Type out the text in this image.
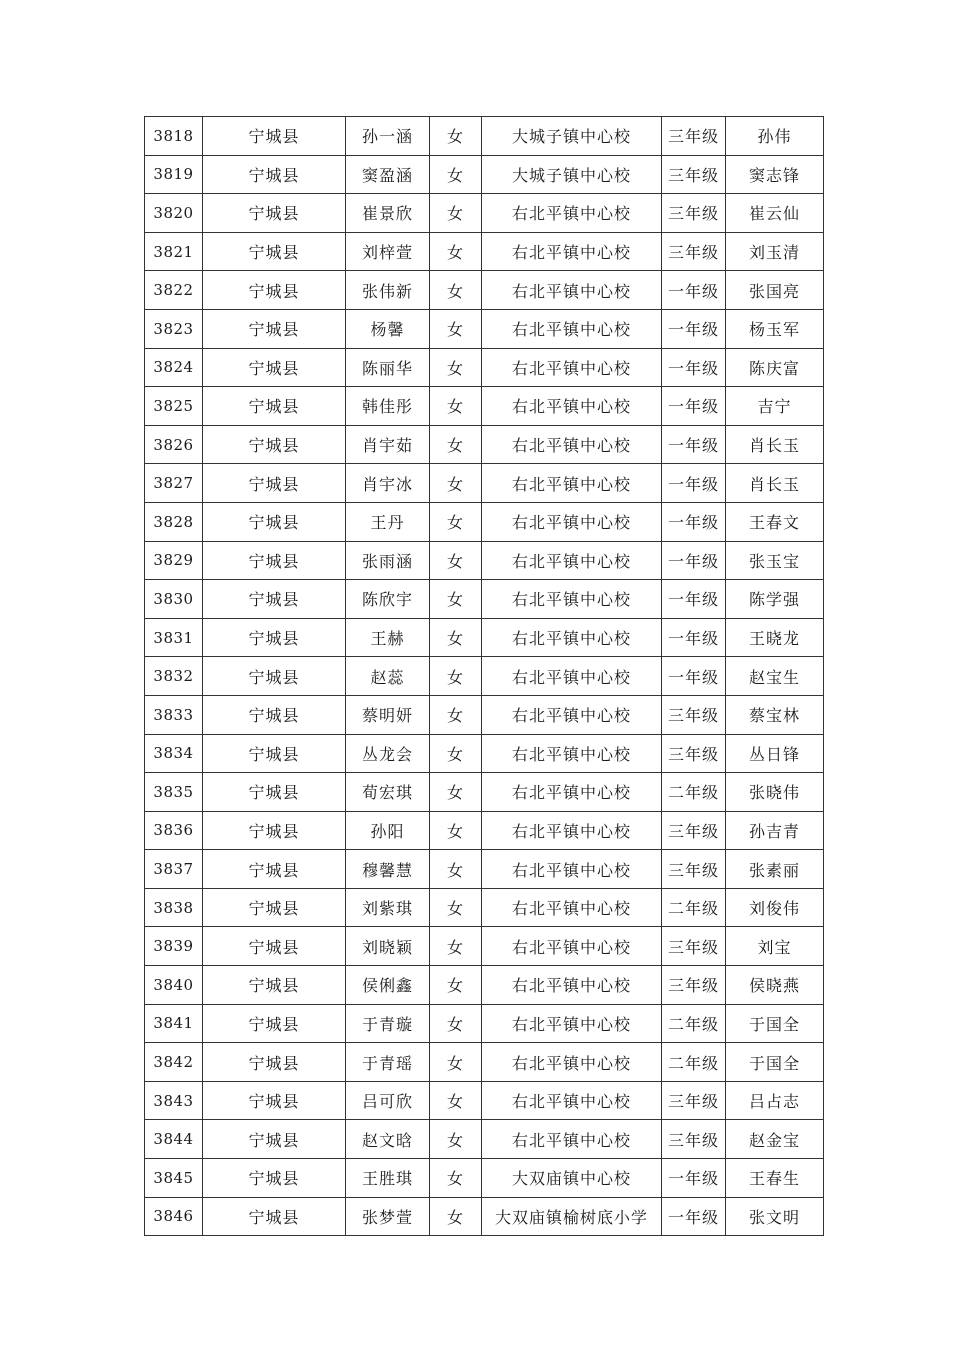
3818	宁城县	孙一涵	女	大城子镇中心校	三年级	孙伟
3819	宁城县	窦盈涵	女	大城子镇中心校	三年级	窦志锋
3820	宁城县	崔景欣	女	右北平镇中心校	三年级	崔云仙
3821	宁城县	刘梓萱	女	右北平镇中心校	三年级	刘玉清
3822	宁城县	张伟新	女	右北平镇中心校	一年级	张国亮
3823	宁城县	杨馨	女	右北平镇中心校	一年级	杨玉军
3824	宁城县	陈丽华	女	右北平镇中心校	一年级	陈庆富
3825	宁城县	韩佳彤	女	右北平镇中心校	一年级	吉宁
3826	宁城县	肖宇茹	女	右北平镇中心校	一年级	肖长玉
3827	宁城县	肖宇冰	女	右北平镇中心校	一年级	肖长玉
3828	宁城县	王丹	女	右北平镇中心校	一年级	王春文
3829	宁城县	张雨涵	女	右北平镇中心校	一年级	张玉宝
3830	宁城县	陈欣宇	女	右北平镇中心校	一年级	陈学强
3831	宁城县	王赫	女	右北平镇中心校	一年级	王晓龙
3832	宁城县	赵蕊	女	右北平镇中心校	一年级	赵宝生
3833	宁城县	蔡明妍	女	右北平镇中心校	三年级	蔡宝林
3834	宁城县	丛龙会	女	右北平镇中心校	三年级	丛日锋
3835	宁城县	荀宏琪	女	右北平镇中心校	二年级	张晓伟
3836	宁城县	孙阳	女	右北平镇中心校	三年级	孙吉青
3837	宁城县	穆馨慧	女	右北平镇中心校	三年级	张素丽
3838	宁城县	刘紫琪	女	右北平镇中心校	二年级	刘俊伟
3839	宁城县	刘晓颖	女	右北平镇中心校	三年级	刘宝
3840	宁城县	侯俐鑫	女	右北平镇中心校	三年级	侯晓燕
3841	宁城县	于青璇	女	右北平镇中心校	二年级	于国全
3842	宁城县	于青瑶	女	右北平镇中心校	二年级	于国全
3843	宁城县	吕可欣	女	右北平镇中心校	三年级	吕占志
3844	宁城县	赵文晗	女	右北平镇中心校	三年级	赵金宝
3845	宁城县	王胜琪	女	大双庙镇中心校	一年级	王春生
3846	宁城县	张梦萱	女	大双庙镇榆树底小学	一年级	张文明
